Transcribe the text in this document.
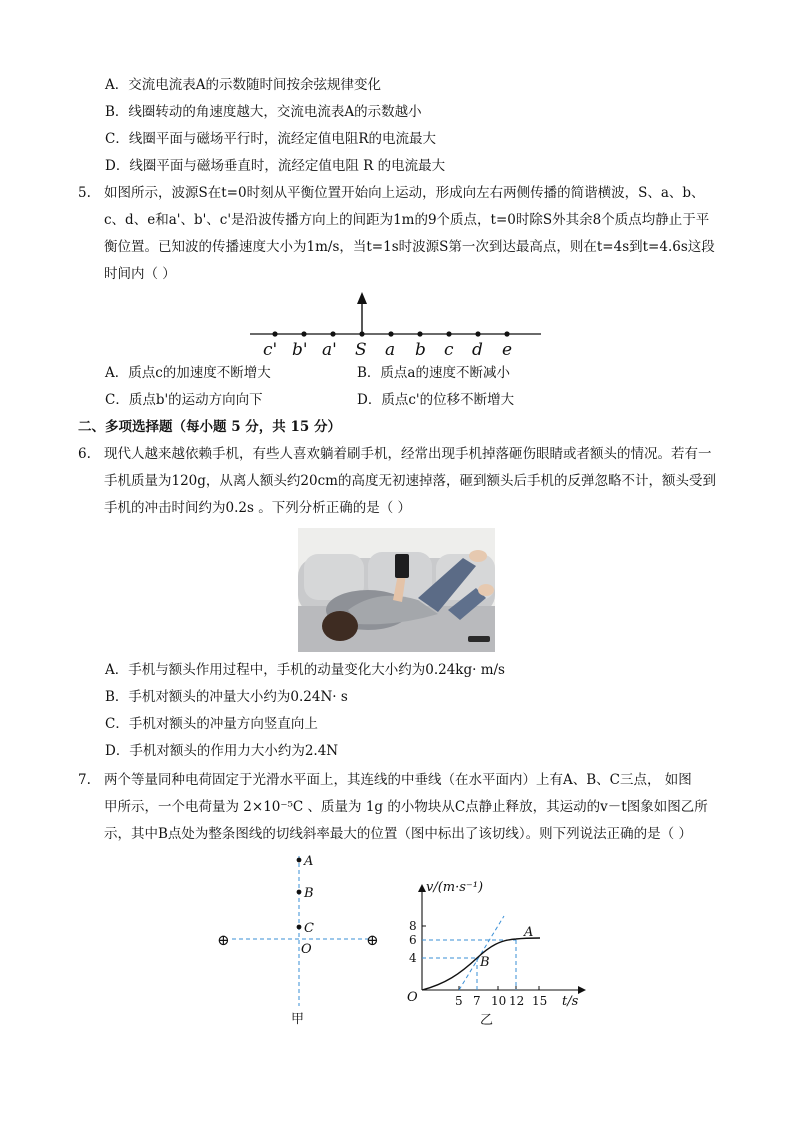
A．交流电流表A的示数随时间按余弦规律变化
B．线圈转动的角速度越大，交流电流表A的示数越小
C．线圈平面与磁场平行时，流经定值电阻R的电流最大
D．线圈平面与磁场垂直时，流经定值电阻 R 的电流最大
5. 如图所示，波源S在t=0时刻从平衡位置开始向上运动，形成向左右两侧传播的简谐横波，S、a、b、
c、d、e和a'、b'、c'是沿波传播方向上的间距为1m的9个质点，t=0时除S外其余8个质点均静止于平
衡位置。已知波的传播速度大小为1m/s，当t=1s时波源S第一次到达最高点，则在t=4s到t=4.6s这段
时间内（ ）
c' b' a' S a b c d e
A．质点c的加速度不断增大	B．质点a的速度不断减小
C．质点b'的运动方向向下	D．质点c'的位移不断增大
二、多项选择题（每小题 5 分，共 15 分）
6. 现代人越来越依赖手机，有些人喜欢躺着刷手机，经常出现手机掉落砸伤眼睛或者额头的情况。若有一
手机质量为120g，从离人额头约20cm的高度无初速掉落，砸到额头后手机的反弹忽略不计，额头受到
手机的冲击时间约为0.2s 。下列分析正确的是（ ）
A．手机与额头作用过程中，手机的动量变化大小约为0.24kg· m/s
B．手机对额头的冲量大小约为0.24N· s
C．手机对额头的冲量方向竖直向上
D．手机对额头的作用力大小约为2.4N
7. 两个等量同种电荷固定于光滑水平面上，其连线的中垂线（在水平面内）上有A、B、C三点， 如图
甲所示，一个电荷量为 2×10⁻⁵C 、质量为 1g 的小物块从C点静止释放，其运动的v－t图象如图乙所
示，其中B点处为整条图线的切线斜率最大的位置（图中标出了该切线）。则下列说法正确的是（ ）
A
B
C
O
⊕	⊕
甲
8
6
4
5 7 10 12 15
v/(m·s⁻¹)
t/s
O
A
B
乙
